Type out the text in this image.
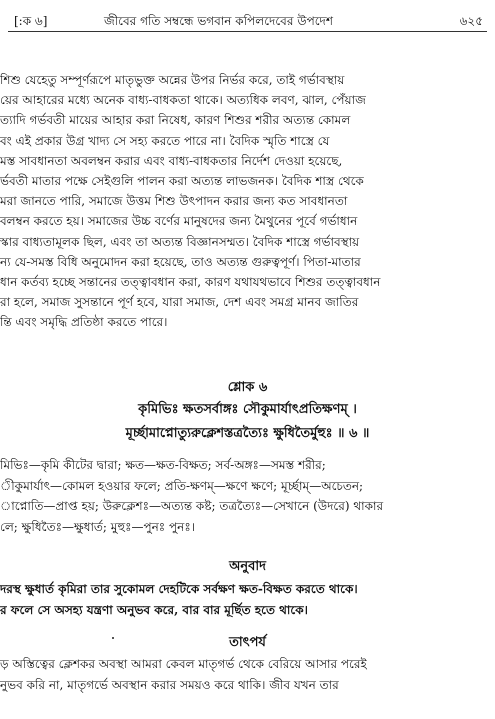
[:ক ৬]	জীবের গতি সম্বন্ধে ভগবান কপিলদেবের উপদেশ	৬২৫
শিশু যেহেতু সম্পূর্ণরূপে মাতৃভুক্ত অন্নের উপর নির্ভর করে, তাই গর্ভাবস্থায়
য়ের আহারের মধ্যে অনেক বাধ্য-বাধকতা থাকে। অত্যধিক লবণ, ঝাল, পেঁয়াজ
ত্যাদি গর্ভবতী মায়ের আহার করা নিষেধ, কারণ শিশুর শরীর অত্যন্ত কোমল
বং এই প্রকার উগ্র খাদ্য সে সহ্য করতে পারে না। বৈদিক স্মৃতি শাস্ত্রে যে
মস্ত সাবধানতা অবলম্বন করার এবং বাধ্য-বাধকতার নির্দেশ দেওয়া হয়েছে,
র্ভবতী মাতার পক্ষে সেইগুলি পালন করা অত্যন্ত লাভজনক। বৈদিক শাস্ত্র থেকে
মরা জানতে পারি, সমাজে উত্তম শিশু উৎপাদন করার জন্য কত সাবধানতা
বলম্বন করতে হয়। সমাজের উচ্চ বর্ণের মানুষদের জন্য মৈথুনের পূর্বে গর্ভাধান
স্কার বাধ্যতামূলক ছিল, এবং তা অত্যন্ত বিজ্ঞানসম্মত। বৈদিক শাস্ত্রে গর্ভাবস্থায়
ন্য যে-সমস্ত বিধি অনুমোদন করা হয়েছে, তাও অত্যন্ত গুরুত্বপূর্ণ। পিতা-মাতার
ধান কর্তব্য হচ্ছে সন্তানের তত্ত্বাবধান করা, কারণ যথাযথভাবে শিশুর তত্ত্বাবধান
রা হলে, সমাজ সুসন্তানে পূর্ণ হবে, যারা সমাজ, দেশ এবং সমগ্র মানব জাতির
ন্তি এবং সমৃদ্ধি প্রতিষ্ঠা করতে পারে।
শ্লোক ৬
কৃমিভিঃ ক্ষতসর্বাঙ্গঃ সৌকুমার্যাৎপ্রতিক্ষণম্ ।
মূর্চ্ছামাপ্নোত্যুরুক্লেশস্তত্রত্যৈঃ ক্ষুধিতৈর্মুহুঃ ॥ ৬ ॥
মিভিঃ—কৃমি কীটের দ্বারা; ক্ষত—ক্ষত-বিক্ষত; সর্ব-অঙ্গঃ—সমস্ত শরীর;
ীকুমার্যাৎ—কোমল হওয়ার ফলে; প্রতি-ক্ষণম্—ক্ষণে ক্ষণে; মূর্চ্ছাম্—অচেতন;
াপ্নোতি—প্রাপ্ত হয়; উরুক্লেশঃ—অত্যন্ত কষ্ট; তত্রত্যৈঃ—সেখানে (উদরে) থাকার
লে; ক্ষুধিতৈঃ—ক্ষুধার্ত; মুহুঃ—পুনঃ পুনঃ।
অনুবাদ
দরস্থ ক্ষুধার্ত কৃমিরা তার সুকোমল দেহটিকে সর্বক্ষণ ক্ষত-বিক্ষত করতে থাকে।
র ফলে সে অসহ্য যন্ত্রণা অনুভব করে, বার বার মূর্ছিত হতে থাকে।
তাৎপর্য
ড় অস্তিত্বের ক্লেশকর অবস্থা আমরা কেবল মাতৃগর্ভ থেকে বেরিয়ে আসার পরেই
নুভব করি না, মাতৃগর্ভে অবস্থান করার সময়ও করে থাকি। জীব যখন তার
